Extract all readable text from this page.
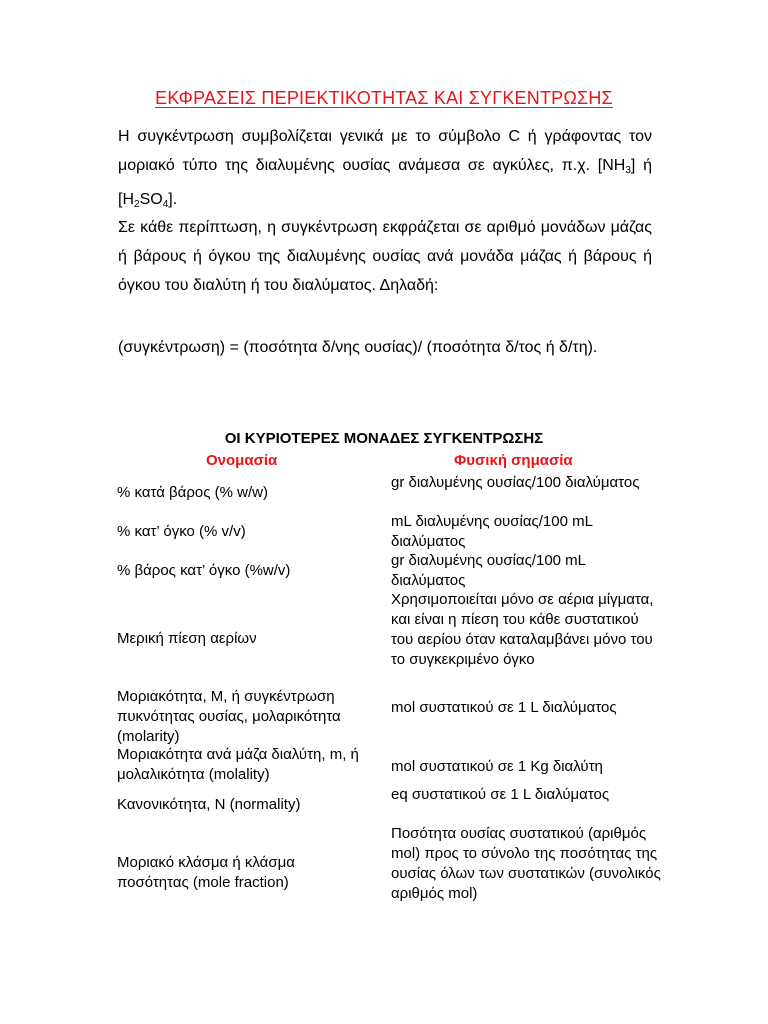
ΕΚΦΡΑΣΕΙΣ ΠΕΡΙΕΚΤΙΚΟΤΗΤΑΣ ΚΑΙ ΣΥΓΚΕΝΤΡΩΣΗΣ
Η συγκέντρωση συμβολίζεται γενικά με το σύμβολο C ή γράφοντας τον μοριακό τύπο της διαλυμένης ουσίας ανάμεσα σε αγκύλες, π.χ. $[NH_3]$ ή $[H_2SO_4]$.
Σε κάθε περίπτωση, η συγκέντρωση εκφράζεται σε αριθμό μονάδων μάζας ή βάρους ή όγκου της διαλυμένης ουσίας ανά μονάδα μάζας ή βάρους ή όγκου του διαλύτη ή του διαλύματος. Δηλαδή:
(συγκέντρωση) = (ποσότητα δ/νης ουσίας)/ (ποσότητα δ/τος ή δ/τη).
ΟΙ ΚΥΡΙΟΤΕΡΕΣ ΜΟΝΑΔΕΣ ΣΥΓΚΕΝΤΡΩΣΗΣ
Ονομασία	Φυσική σημασία
% κατά βάρος (% w/w)
gr διαλυμένης ουσίας/100 διαλύματος
% κατ’ όγκο (% v/v)
mL διαλυμένης ουσίας/100 mL διαλύματος
% βάρος κατ’ όγκο (%w/v)
gr διαλυμένης ουσίας/100 mL διαλύματος
Μερική πίεση αερίων
Χρησιμοποιείται μόνο σε αέρια μίγματα, και είναι η πίεση του κάθε συστατικού του αερίου όταν καταλαμβάνει μόνο του το συγκεκριμένο όγκο
Μοριακότητα, M, ή συγκέντρωση πυκνότητας ουσίας, μολαρικότητα (molarity)
mol συστατικού σε 1 L διαλύματος
Μοριακότητα ανά μάζα διαλύτη, m, ή μολαλικότητα (molality)	mol συστατικού σε 1 Kg διαλύτη
Κανονικότητα, N (normality)
eq συστατικού σε 1 L διαλύματος
Μοριακό κλάσμα ή κλάσμα ποσότητας (mole fraction)
Ποσότητα ουσίας συστατικού (αριθμός mol) προς το σύνολο της ποσότητας της ουσίας όλων των συστατικών (συνολικός αριθμός mol)
